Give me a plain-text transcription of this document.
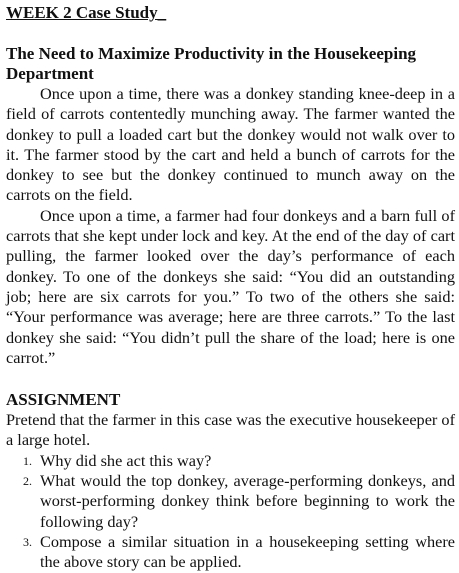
WEEK 2 Case Study_
The Need to Maximize Productivity in the Housekeeping Department

Once upon a time, there was a donkey standing knee-deep in a field of carrots contentedly munching away. The farmer wanted the donkey to pull a loaded cart but the donkey would not walk over to it. The farmer stood by the cart and held a bunch of carrots for the donkey to see but the donkey continued to munch away on the carrots on the field.

Once upon a time, a farmer had four donkeys and a barn full of carrots that she kept under lock and key. At the end of the day of cart pulling, the farmer looked over the day’s performance of each donkey. To one of the donkeys she said: “You did an outstanding job; here are six carrots for you.” To two of the others she said: “Your performance was average; here are three carrots.” To the last donkey she said: “You didn’t pull the share of the load; here is one carrot.”

ASSIGNMENT

Pretend that the farmer in this case was the executive housekeeper of a large hotel.

1. Why did she act this way?
2. What would the top donkey, average-performing donkeys, and worst-performing donkey think before beginning to work the following day?
3. Compose a similar situation in a housekeeping setting where the above story can be applied.
